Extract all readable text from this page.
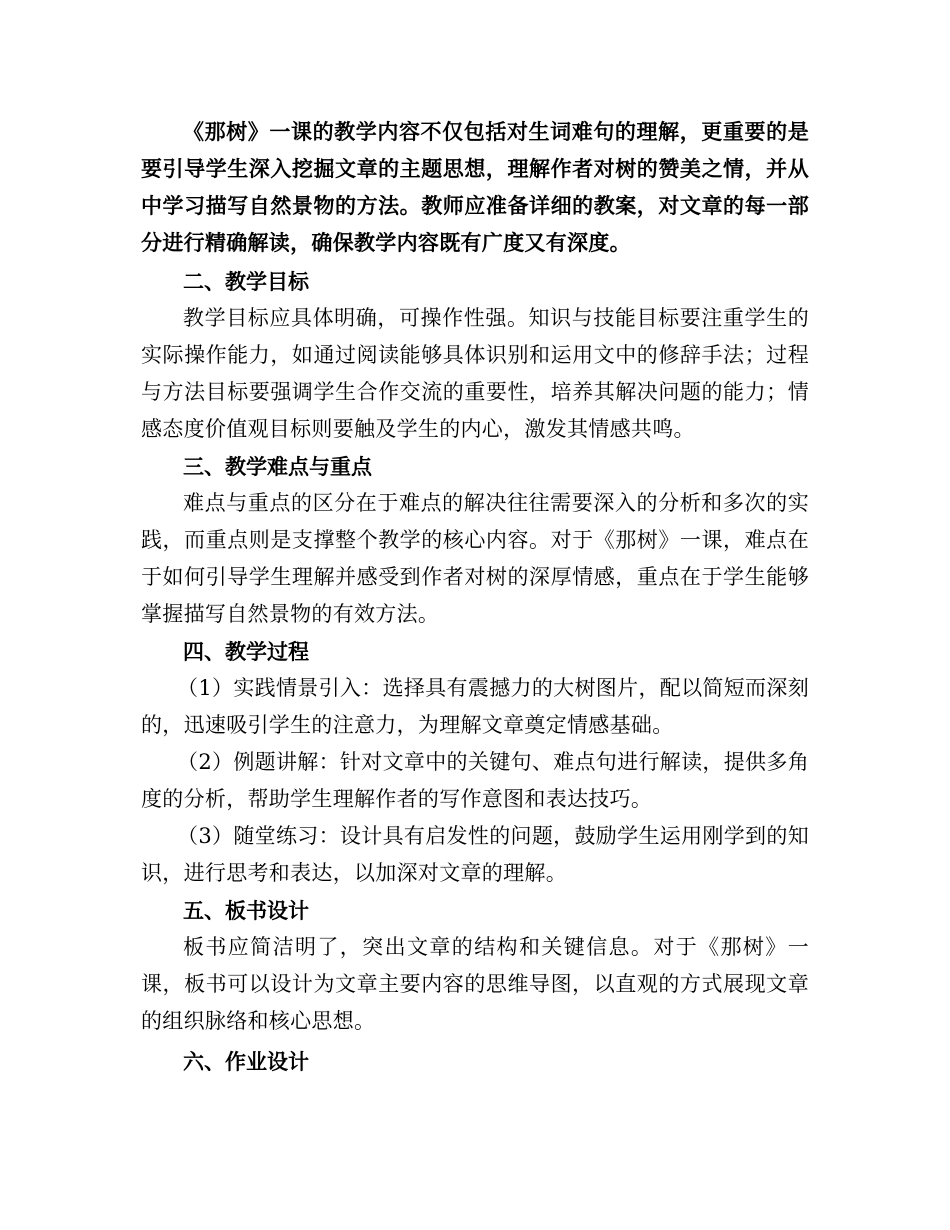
《那树》一课的教学内容不仅包括对生词难句的理解，更重要的是要引导学生深入挖掘文章的主题思想，理解作者对树的赞美之情，并从中学习描写自然景物的方法。教师应准备详细的教案，对文章的每一部分进行精确解读，确保教学内容既有广度又有深度。

二、教学目标

教学目标应具体明确，可操作性强。知识与技能目标要注重学生的实际操作能力，如通过阅读能够具体识别和运用文中的修辞手法；过程与方法目标要强调学生合作交流的重要性，培养其解决问题的能力；情感态度价值观目标则要触及学生的内心，激发其情感共鸣。

三、教学难点与重点

难点与重点的区分在于难点的解决往往需要深入的分析和多次的实践，而重点则是支撑整个教学的核心内容。对于《那树》一课，难点在于如何引导学生理解并感受到作者对树的深厚情感，重点在于学生能够掌握描写自然景物的有效方法。

四、教学过程

（1）实践情景引入：选择具有震撼力的大树图片，配以简短而深刻的，迅速吸引学生的注意力，为理解文章奠定情感基础。

（2）例题讲解：针对文章中的关键句、难点句进行解读，提供多角度的分析，帮助学生理解作者的写作意图和表达技巧。

（3）随堂练习：设计具有启发性的问题，鼓励学生运用刚学到的知识，进行思考和表达，以加深对文章的理解。

五、板书设计

板书应简洁明了，突出文章的结构和关键信息。对于《那树》一课，板书可以设计为文章主要内容的思维导图，以直观的方式展现文章的组织脉络和核心思想。

六、作业设计
